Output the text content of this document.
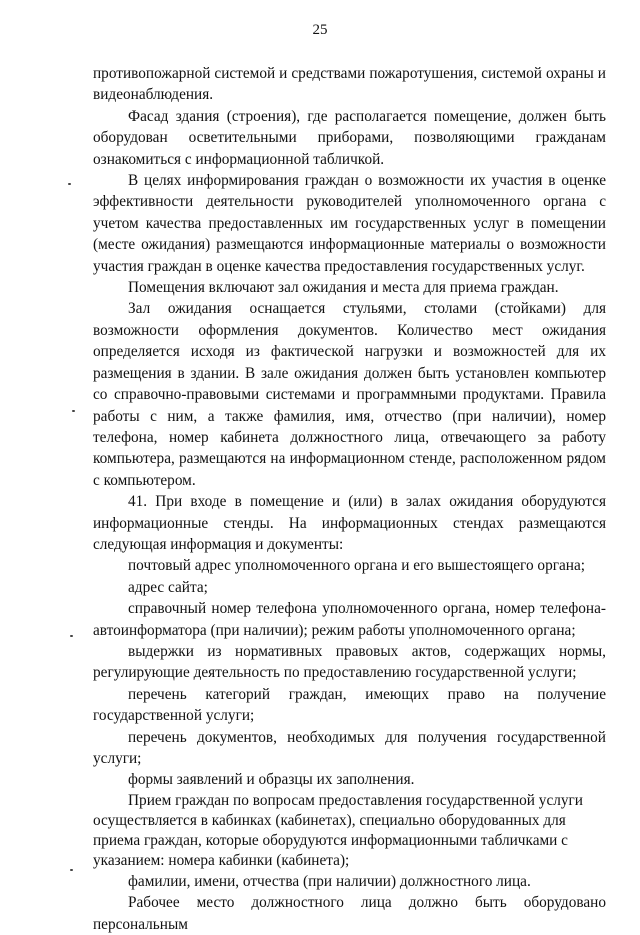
25

противопожарной системой и средствами пожаротушения, системой охраны и видеонаблюдения.

Фасад здания (строения), где располагается помещение, должен быть оборудован осветительными приборами, позволяющими гражданам ознакомиться с информационной табличкой.

В целях информирования граждан о возможности их участия в оценке эффективности деятельности руководителей уполномоченного органа с учетом качества предоставленных им государственных услуг в помещении (месте ожидания) размещаются информационные материалы о возможности участия граждан в оценке качества предоставления государственных услуг.

Помещения включают зал ожидания и места для приема граждан.

Зал ожидания оснащается стульями, столами (стойками) для возможности оформления документов. Количество мест ожидания определяется исходя из фактической нагрузки и возможностей для их размещения в здании. В зале ожидания должен быть установлен компьютер со справочно-правовыми системами и программными продуктами. Правила работы с ним, а также фамилия, имя, отчество (при наличии), номер телефона, номер кабинета должностного лица, отвечающего за работу компьютера, размещаются на информационном стенде, расположенном рядом с компьютером.

41. При входе в помещение и (или) в залах ожидания оборудуются информационные стенды. На информационных стендах размещаются следующая информация и документы:

почтовый адрес уполномоченного органа и его вышестоящего органа;

адрес сайта;

справочный номер телефона уполномоченного органа, номер телефона-автоинформатора (при наличии); режим работы уполномоченного органа;

выдержки из нормативных правовых актов, содержащих нормы, регулирующие деятельность по предоставлению государственной услуги;

перечень категорий граждан, имеющих право на получение государственной услуги;

перечень документов, необходимых для получения государственной услуги;

формы заявлений и образцы их заполнения.

Прием граждан по вопросам предоставления государственной услуги осуществляется в кабинках (кабинетах), специально оборудованных для приема граждан, которые оборудуются информационными табличками с указанием: номера кабинки (кабинета);

фамилии, имени, отчества (при наличии) должностного лица.

Рабочее место должностного лица должно быть оборудовано персональным
